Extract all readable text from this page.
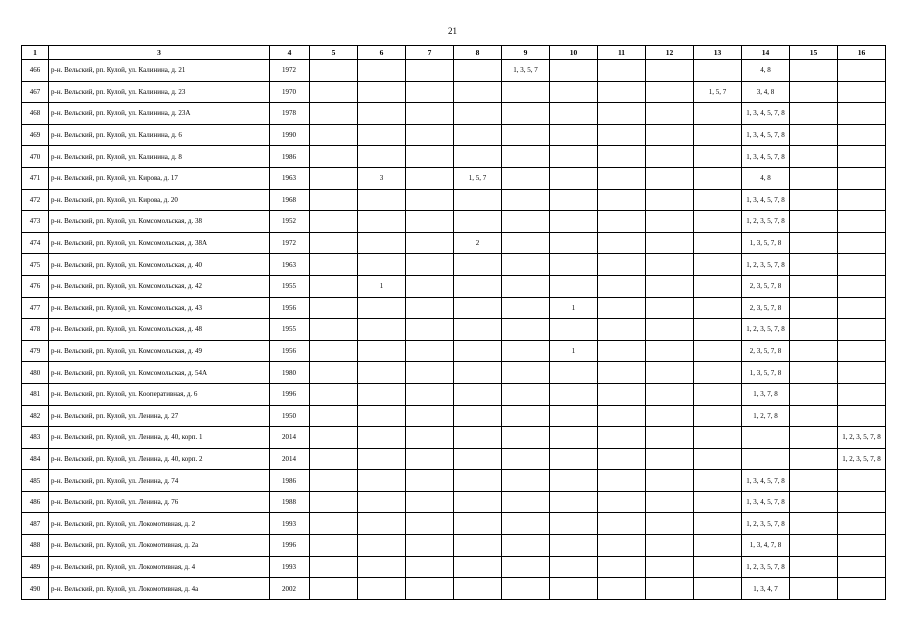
21
1	3	4	5	6	7	8	9	10	11	12	13	14	15	16
466	р-н. Вельский, рп. Кулой, ул. Калинина, д. 21	1972					1, 3, 5, 7					4, 8		
467	р-н. Вельский, рп. Кулой, ул. Калинина, д. 23	1970									1, 5, 7	3, 4, 8		
468	р-н. Вельский, рп. Кулой, ул. Калинина, д. 23А	1978										1, 3, 4, 5, 7, 8		
469	р-н. Вельский, рп. Кулой, ул. Калинина, д. 6	1990										1, 3, 4, 5, 7, 8		
470	р-н. Вельский, рп. Кулой, ул. Калинина, д. 8	1986										1, 3, 4, 5, 7, 8		
471	р-н. Вельский, рп. Кулой, ул. Кирова, д. 17	1963		3		1, 5, 7						4, 8		
472	р-н. Вельский, рп. Кулой, ул. Кирова, д. 20	1968										1, 3, 4, 5, 7, 8		
473	р-н. Вельский, рп. Кулой, ул. Комсомольская, д. 38	1952										1, 2, 3, 5, 7, 8		
474	р-н. Вельский, рп. Кулой, ул. Комсомольская, д. 38А	1972				2						1, 3, 5, 7, 8		
475	р-н. Вельский, рп. Кулой, ул. Комсомольская, д. 40	1963										1, 2, 3, 5, 7, 8		
476	р-н. Вельский, рп. Кулой, ул. Комсомольская, д. 42	1955		1								2, 3, 5, 7, 8		
477	р-н. Вельский, рп. Кулой, ул. Комсомольская, д. 43	1956						1				2, 3, 5, 7, 8		
478	р-н. Вельский, рп. Кулой, ул. Комсомольская, д. 48	1955										1, 2, 3, 5, 7, 8		
479	р-н. Вельский, рп. Кулой, ул. Комсомольская, д. 49	1956						1				2, 3, 5, 7, 8		
480	р-н. Вельский, рп. Кулой, ул. Комсомольская, д. 54А	1980										1, 3, 5, 7, 8		
481	р-н. Вельский, рп. Кулой, ул. Кооперативная, д. 6	1996										1, 3, 7, 8		
482	р-н. Вельский, рп. Кулой, ул. Ленина, д. 27	1950										1, 2, 7, 8		
483	р-н. Вельский, рп. Кулой, ул. Ленина, д. 40, корп. 1	2014												1, 2, 3, 5, 7, 8
484	р-н. Вельский, рп. Кулой, ул. Ленина, д. 40, корп. 2	2014												1, 2, 3, 5, 7, 8
485	р-н. Вельский, рп. Кулой, ул. Ленина, д. 74	1986										1, 3, 4, 5, 7, 8		
486	р-н. Вельский, рп. Кулой, ул. Ленина, д. 76	1988										1, 3, 4, 5, 7, 8		
487	р-н. Вельский, рп. Кулой, ул. Локомотивная, д. 2	1993										1, 2, 3, 5, 7, 8		
488	р-н. Вельский, рп. Кулой, ул. Локомотивная, д. 2а	1996										1, 3, 4, 7, 8		
489	р-н. Вельский, рп. Кулой, ул. Локомотивная, д. 4	1993										1, 2, 3, 5, 7, 8		
490	р-н. Вельский, рп. Кулой, ул. Локомотивная, д. 4а	2002										1, 3, 4, 7		
